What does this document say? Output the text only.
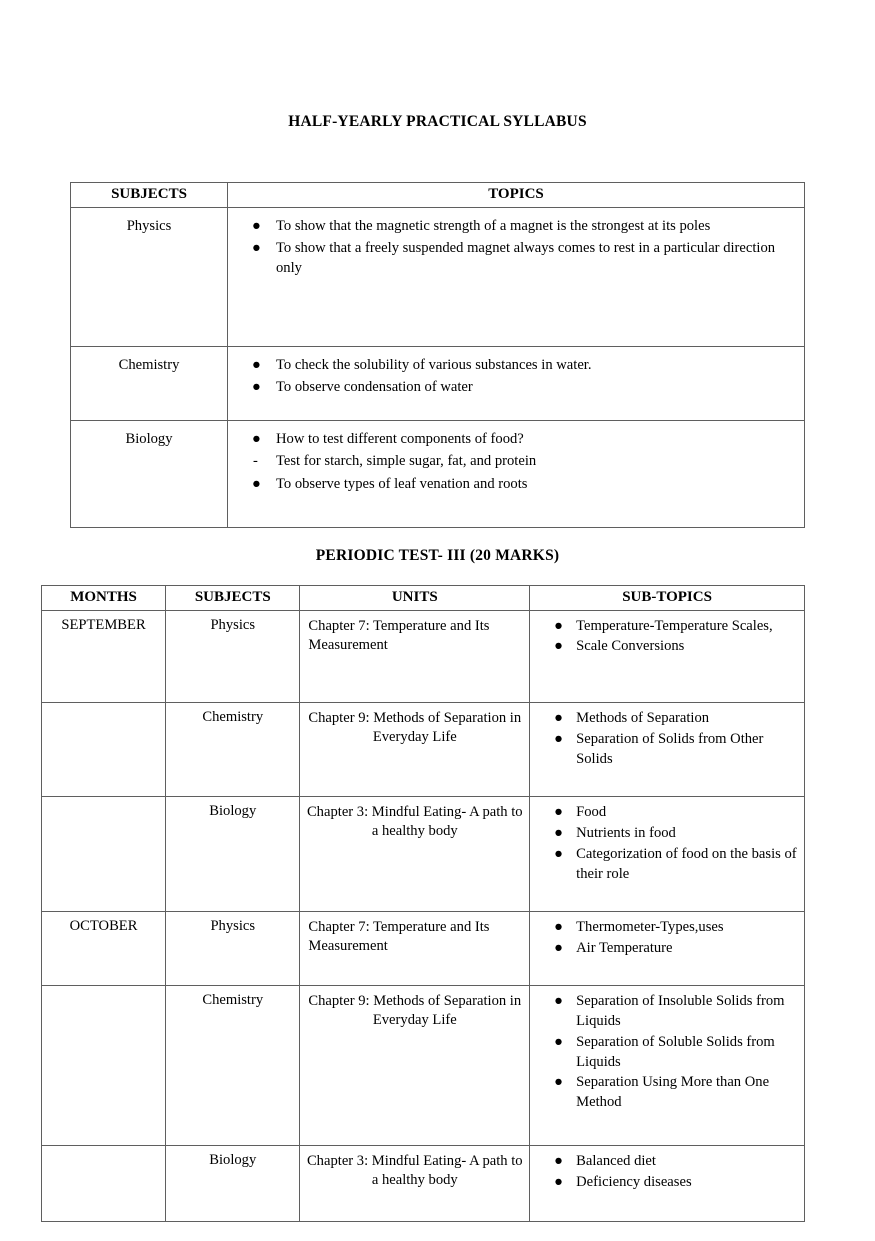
HALF-YEARLY PRACTICAL SYLLABUS
SUBJECTS	TOPICS
Physics	●	To show that the magnetic strength of a magnet is the strongest at its poles
●	To show that a freely suspended magnet always comes to rest in a particular direction only

Chemistry	●	To check the solubility of various substances in water.
●	To observe condensation of water

Biology	●	How to test different components of food?
-	Test for starch, simple sugar, fat, and protein
●	To observe types of leaf venation and roots
PERIODIC TEST- III (20 MARKS)
MONTHS	SUBJECTS	UNITS	SUB-TOPICS
SEPTEMBER	Physics	Chapter 7: Temperature and Its Measurement	
● Temperature-Temperature Scales,
● Scale Conversions

	Chemistry	Chapter 9: Methods of Separation in Everyday Life	
● Methods of Separation
● Separation of Solids from Other Solids

	Biology	Chapter 3: Mindful Eating- A path to a healthy body	
● Food
● Nutrients in food
● Categorization of food on the basis of their role

OCTOBER	Physics	Chapter 7: Temperature and Its Measurement	
● Thermometer-Types,uses
● Air Temperature

	Chemistry	Chapter 9: Methods of Separation in Everyday Life	
● Separation of Insoluble Solids from Liquids
● Separation of Soluble Solids from Liquids
● Separation Using More than One Method

	Biology	Chapter 3: Mindful Eating- A path to a healthy body	
● Balanced diet
● Deficiency diseases
